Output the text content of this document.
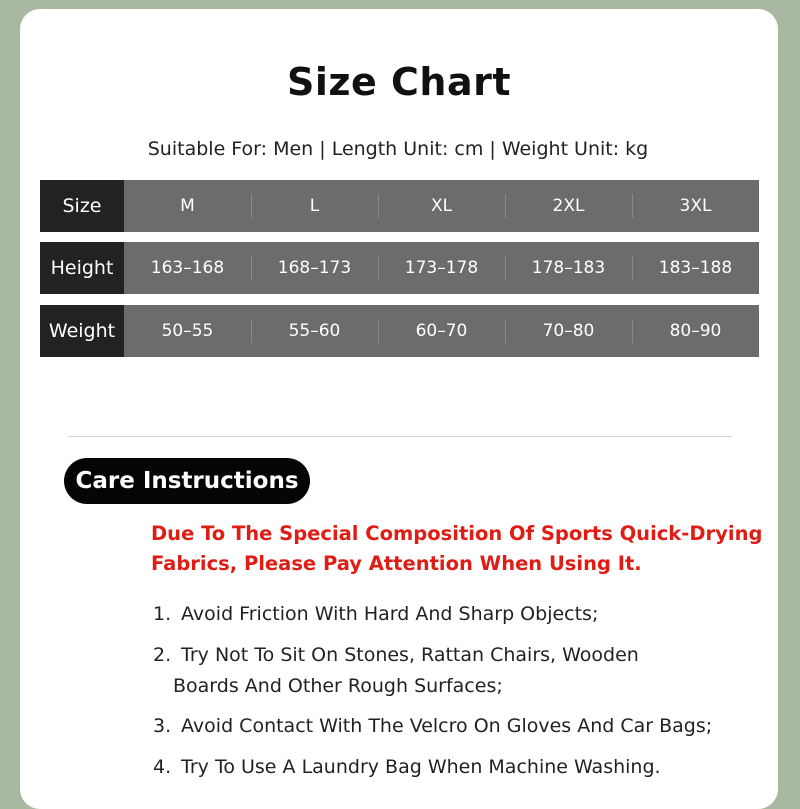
Size Chart
Suitable For: Men | Length Unit: cm | Weight Unit: kg
Size	M	L	XL	2XL	3XL
Height	163–168	168–173	173–178	178–183	183–188
Weight	50–55	55–60	60–70	70–80	80–90
Care Instructions
Due To The Special Composition Of Sports Quick-Drying
Fabrics, Please Pay Attention When Using It.
1. Avoid Friction With Hard And Sharp Objects;
2. Try Not To Sit On Stones, Rattan Chairs, Wooden
Boards And Other Rough Surfaces;
3. Avoid Contact With The Velcro On Gloves And Car Bags;
4. Try To Use A Laundry Bag When Machine Washing.
